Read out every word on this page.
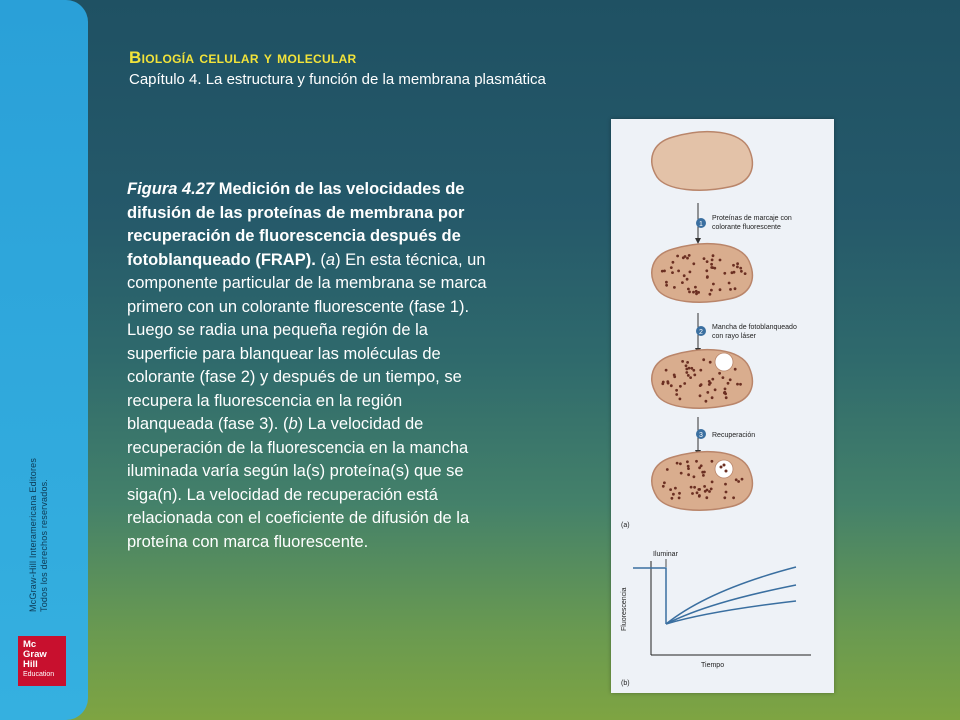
McGraw-Hill Interamericana Editores Todos los derechos reservados.
Mc
Graw
Hill
Education
Biología celular y molecular
Capítulo 4. La estructura y función de la membrana plasmática
Figura 4.27 Medición de las velocidades de difusión de las proteínas de membrana por recuperación de fluorescencia después de fotoblanqueado (FRAP). (a) En esta técnica, un componente particular de la membrana se marca primero con un colorante fluorescente (fase 1). Luego se radia una pequeña región de la superficie para blanquear las moléculas de colorante (fase 2) y después de un tiempo, se recupera la fluorescencia en la región blanqueada (fase 3). (b) La velocidad de recuperación de la fluorescencia en la mancha iluminada varía según la(s) proteína(s) que se siga(n). La velocidad de recuperación está relacionada con el coeficiente de difusión de la proteína con marca fluorescente.
1
Proteínas de marcaje con
colorante fluorescente
2
Mancha de fotoblanqueado
con rayo láser
3 Recuperación
(a)
Iluminar
Fluorescencia
Tiempo
(b)
